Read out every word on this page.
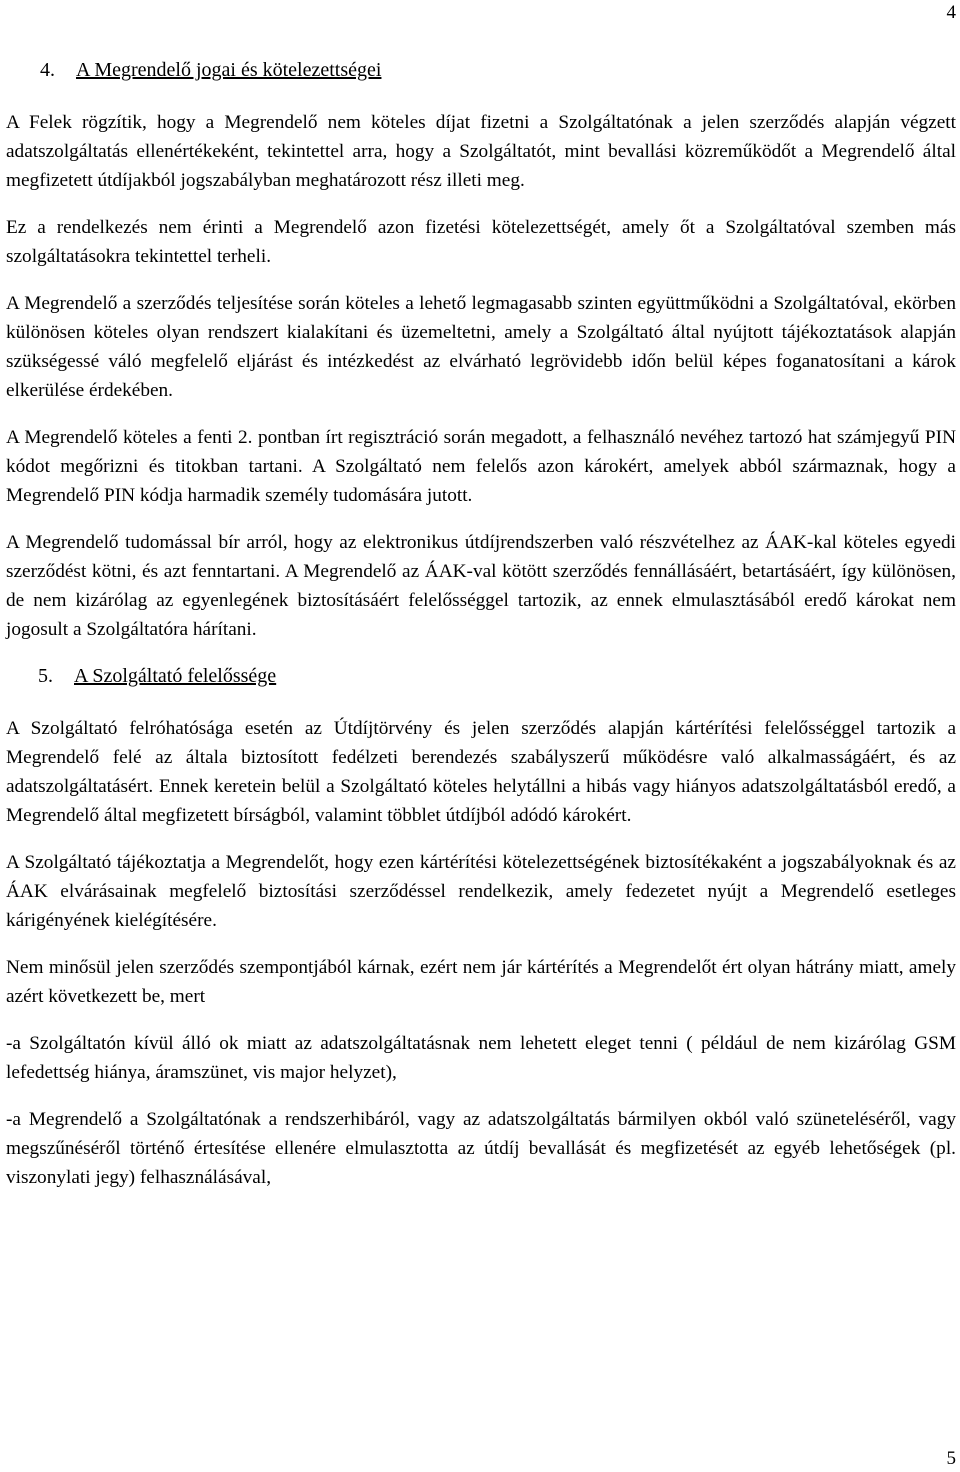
4
4. A Megrendelő jogai és kötelezettségei

A Felek rögzítik, hogy a Megrendelő nem köteles díjat fizetni a Szolgáltatónak a jelen szerződés alapján végzett adatszolgáltatás ellenértékeként, tekintettel arra, hogy a Szolgáltatót, mint bevallási közreműködőt a Megrendelő által megfizetett útdíjakból jogszabályban meghatározott rész illeti meg.

Ez a rendelkezés nem érinti a Megrendelő azon fizetési kötelezettségét, amely őt a Szolgáltatóval szemben más szolgáltatásokra tekintettel terheli.

A Megrendelő a szerződés teljesítése során köteles a lehető legmagasabb szinten együttműködni a Szolgáltatóval, ekörben különösen köteles olyan rendszert kialakítani és üzemeltetni, amely a Szolgáltató által nyújtott tájékoztatások alapján szükségessé váló megfelelő eljárást és intézkedést az elvárható legrövidebb időn belül képes foganatosítani a károk elkerülése érdekében.

A Megrendelő köteles a fenti 2. pontban írt regisztráció során megadott, a felhasználó nevéhez tartozó hat számjegyű PIN kódot megőrizni és titokban tartani. A Szolgáltató nem felelős azon károkért, amelyek abból származnak, hogy a Megrendelő PIN kódja harmadik személy tudomására jutott.

A Megrendelő tudomással bír arról, hogy az elektronikus útdíjrendszerben való részvételhez az ÁAK-kal köteles egyedi szerződést kötni, és azt fenntartani. A Megrendelő az ÁAK-val kötött szerződés fennállásáért, betartásáért, így különösen, de nem kizárólag az egyenlegének biztosításáért felelősséggel tartozik, az ennek elmulasztásából eredő károkat nem jogosult a Szolgáltatóra hárítani.

5. A Szolgáltató felelőssége

A Szolgáltató felróhatósága esetén az Útdíjtörvény és jelen szerződés alapján kártérítési felelősséggel tartozik a Megrendelő felé az általa biztosított fedélzeti berendezés szabályszerű működésre való alkalmasságáért, és az adatszolgáltatásért. Ennek keretein belül a Szolgáltató köteles helytállni a hibás vagy hiányos adatszolgáltatásból eredő, a Megrendelő által megfizetett bírságból, valamint többlet útdíjból adódó károkért.

A Szolgáltató tájékoztatja a Megrendelőt, hogy ezen kártérítési kötelezettségének biztosítékaként a jogszabályoknak és az ÁAK elvárásainak megfelelő biztosítási szerződéssel rendelkezik, amely fedezetet nyújt a Megrendelő esetleges kárigényének kielégítésére.

Nem minősül jelen szerződés szempontjából kárnak, ezért nem jár kártérítés a Megrendelőt ért olyan hátrány miatt, amely azért következett be, mert

-a Szolgáltatón kívül álló ok miatt az adatszolgáltatásnak nem lehetett eleget tenni ( például de nem kizárólag GSM lefedettség hiánya, áramszünet, vis major helyzet),

-a Megrendelő a Szolgáltatónak a rendszerhibáról, vagy az adatszolgáltatás bármilyen okból való szüneteléséről, vagy megszűnéséről történő értesítése ellenére elmulasztotta az útdíj bevallását és megfizetését az egyéb lehetőségek (pl. viszonylati jegy) felhasználásával,

5
